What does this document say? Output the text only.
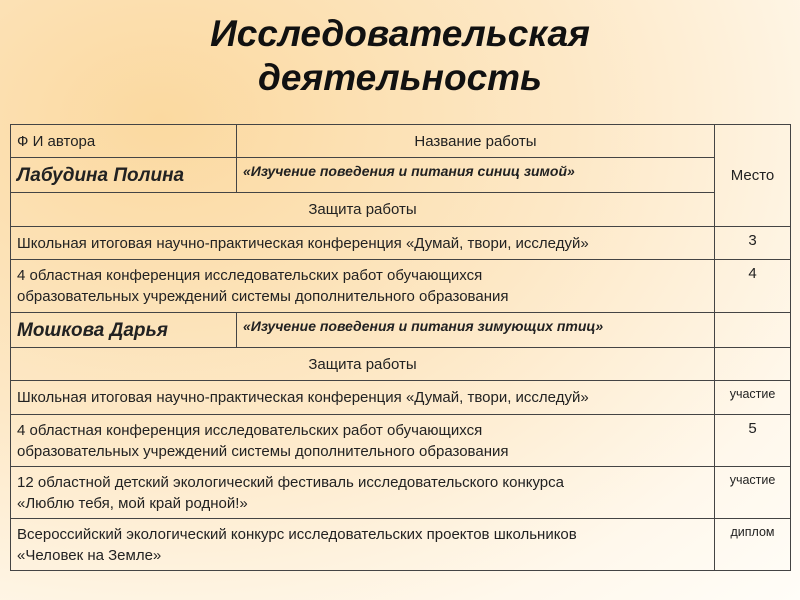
Исследовательская
деятельность
Ф И автора	Название работы	Место
Лабудина Полина	«Изучение поведения и питания синиц зимой»	
Защита работы		
Школьная итоговая научно-практическая конференция «Думай, твори, исследуй»		3
4 областная конференция исследовательских работ обучающихся
образовательных учреждений системы дополнительного образования		4
Мошкова Дарья	«Изучение поведения и питания зимующих птиц»	
Защита работы		
Школьная итоговая научно-практическая конференция «Думай, твори, исследуй»		участие
4 областная конференция исследовательских работ обучающихся
образовательных учреждений системы дополнительного образования		5
12 областной детский экологический фестиваль исследовательского конкурса
«Люблю тебя, мой край родной!»		участие
Всероссийский экологический конкурс исследовательских проектов школьников
«Человек на Земле»		диплом
